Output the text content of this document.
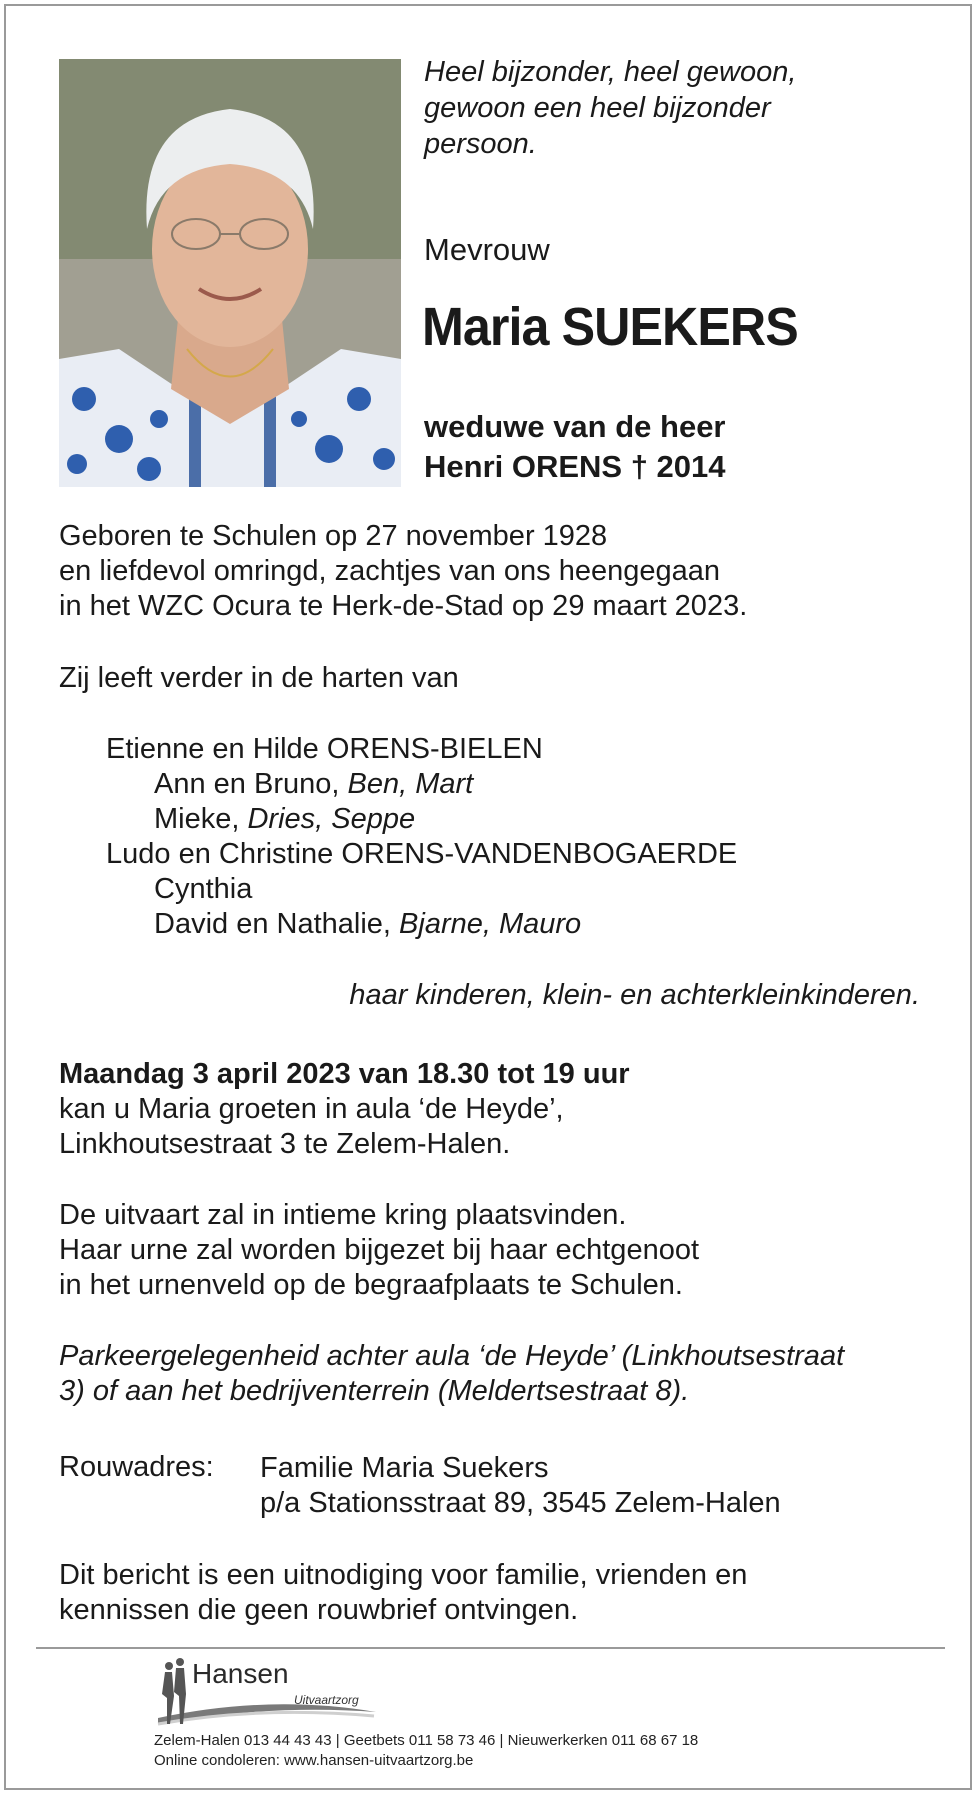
Heel bijzonder, heel gewoon,
gewoon een heel bijzonder
persoon.
Mevrouw
Maria SUEKERS
weduwe van de heer
Henri ORENS † 2014
Geboren te Schulen op 27 november 1928
en liefdevol omringd, zachtjes van ons heengegaan
in het WZC Ocura te Herk-de-Stad op 29 maart 2023.
Zij leeft verder in de harten van
Etienne en Hilde ORENS-BIELEN
Ann en Bruno, Ben, Mart
Mieke, Dries, Seppe
Ludo en Christine ORENS-VANDENBOGAERDE
Cynthia
David en Nathalie, Bjarne, Mauro
haar kinderen, klein- en achterkleinkinderen.
Maandag 3 april 2023 van 18.30 tot 19 uur
kan u Maria groeten in aula ‘de Heyde’,
Linkhoutsestraat 3 te Zelem-Halen.
De uitvaart zal in intieme kring plaatsvinden.
Haar urne zal worden bijgezet bij haar echtgenoot
in het urnenveld op de begraafplaats te Schulen.
Parkeergelegenheid achter aula ‘de Heyde’ (Linkhoutsestraat
3) of aan het bedrijventerrein (Meldertsestraat 8).
Rouwadres: Familie Maria Suekers
p/a Stationsstraat 89, 3545 Zelem-Halen
Dit bericht is een uitnodiging voor familie, vrienden en
kennissen die geen rouwbrief ontvingen.
Hansen
Uitvaartzorg
Zelem-Halen 013 44 43 43 | Geetbets 011 58 73 46 | Nieuwerkerken 011 68 67 18
Online condoleren: www.hansen-uitvaartzorg.be
